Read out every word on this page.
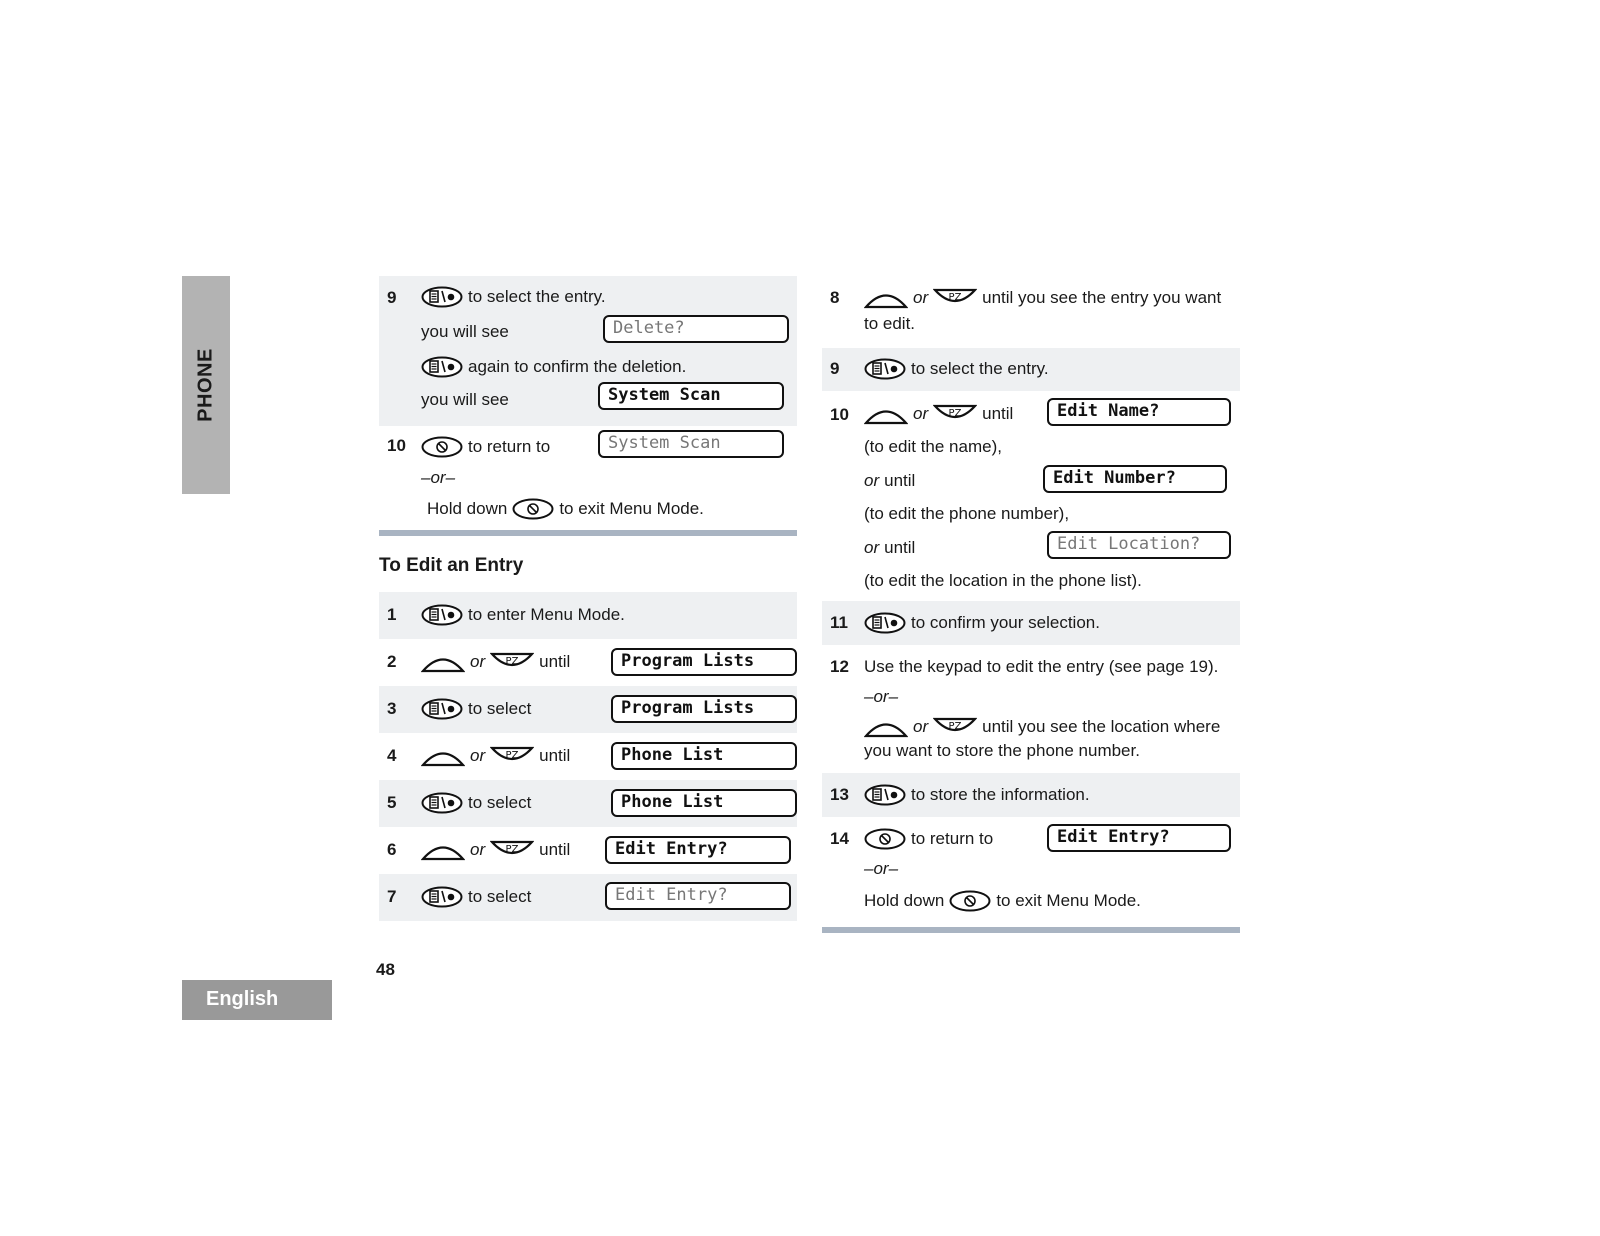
PHONE
9	to select the entry.
you will see	Delete?
again to confirm the deletion.
you will see	System Scan
10	to return to	System Scan
–or–
Hold down	to exit Menu Mode.
To Edit an Entry
1	to enter Menu Mode.
2	or	until	Program Lists
3	to select	Program Lists
4	or	until	Phone List
5	to select	Phone List
6	or	until	Edit Entry?
7	to select	Edit Entry?
8	or	until you see the entry you want
to edit.
9	to select the entry.
10	or	until	Edit Name?
(to edit the name),
or until	Edit Number?
(to edit the phone number),
or until	Edit Location?
(to edit the location in the phone list).
11	to confirm your selection.
12 Use the keypad to edit the entry (see page 19).
–or–
or	until you see the location where
you want to store the phone number.
13	to store the information.
14	to return to	Edit Entry?
–or–
Hold down	to exit Menu Mode.
48
English
